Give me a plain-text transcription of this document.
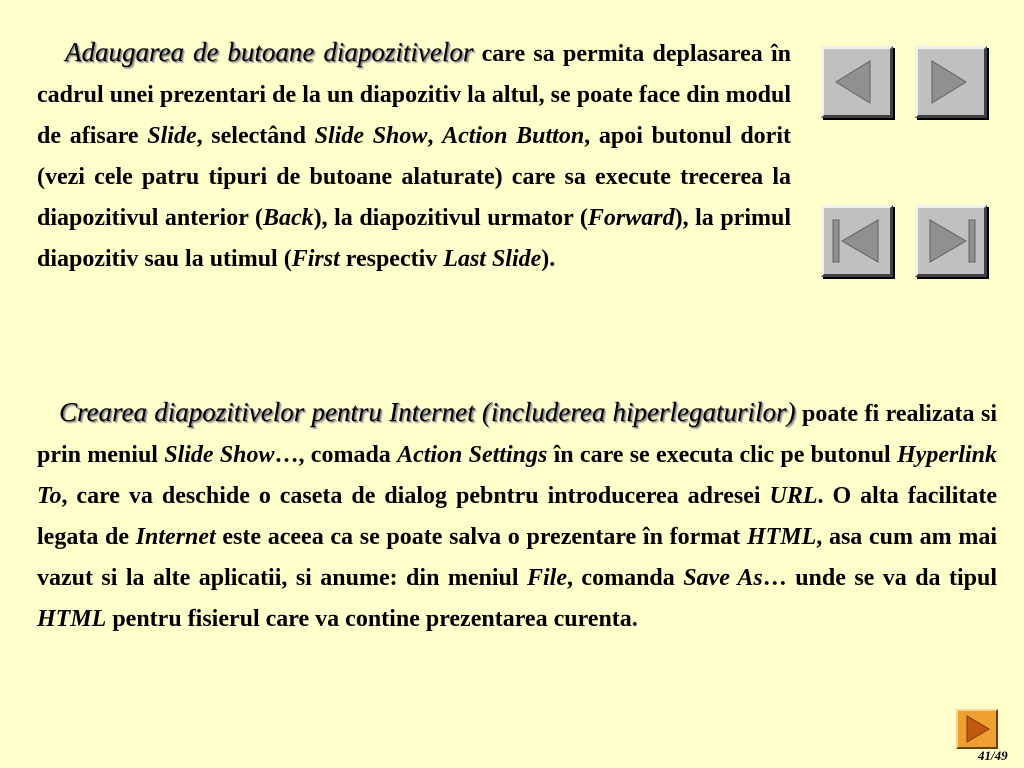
Adaugarea de butoane diapozitivelor care sa permita deplasarea în cadrul unei prezentari de la un diapozitiv la altul, se poate face din modul de afisare Slide, selectând Slide Show, Action Button, apoi butonul dorit (vezi cele patru tipuri de butoane alaturate) care sa execute trecerea la diapozitivul anterior (Back), la diapozitivul urmator (Forward), la primul diapozitiv sau la utimul (First respectiv Last Slide).

Crearea diapozitivelor pentru Internet (includerea hiperlegaturilor) poate fi realizata si prin meniul Slide Show…, comada Action Settings în care se executa clic pe butonul Hyperlink To, care va deschide o caseta de dialog pebntru introducerea adresei URL. O alta facilitate legata de Internet este aceea ca se poate salva o prezentare în format HTML, asa cum am mai vazut si la alte aplicatii, si anume: din meniul File, comanda Save As… unde se va da tipul HTML pentru fisierul care va contine prezentarea curenta.

41/49
